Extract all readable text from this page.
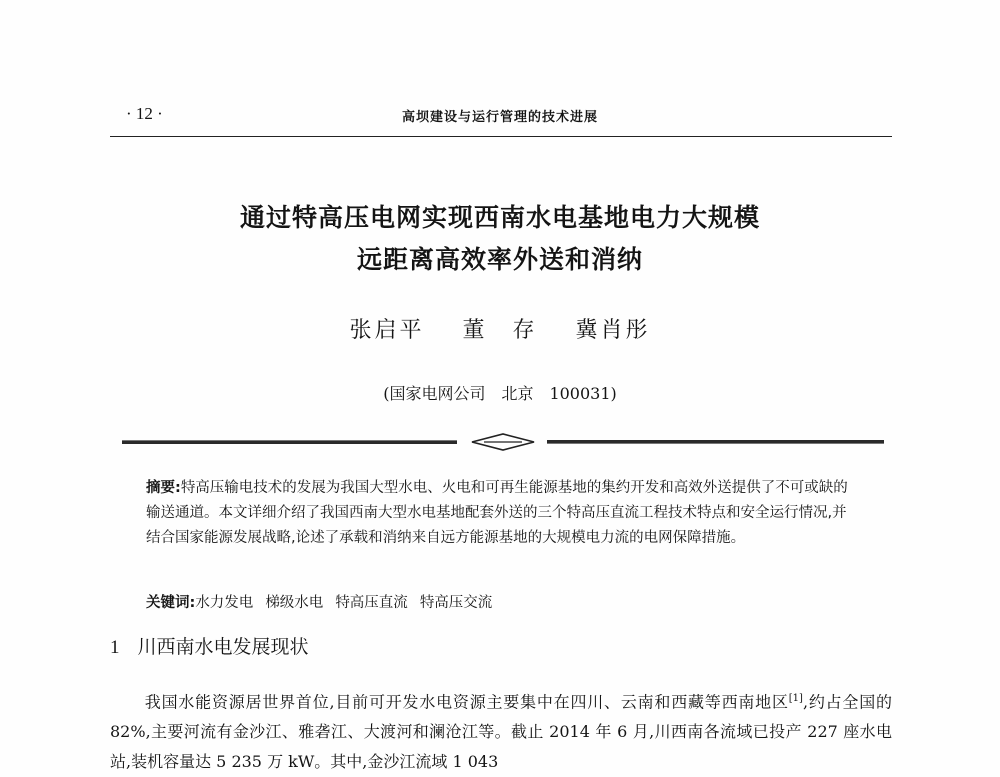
· 12 ·	高坝建设与运行管理的技术进展
通过特高压电网实现西南水电基地电力大规模
远距离高效率外送和消纳
张启平 董　存 冀肖彤
(国家电网公司　北京　100031)
摘要:特高压输电技术的发展为我国大型水电、火电和可再生能源基地的集约开发和高效外送提供了不可或缺的输送通道。本文详细介绍了我国西南大型水电基地配套外送的三个特高压直流工程技术特点和安全运行情况,并结合国家能源发展战略,论述了承载和消纳来自远方能源基地的大规模电力流的电网保障措施。
关键词:水力发电 梯级水电 特高压直流 特高压交流
1 川西南水电发展现状
我国水能资源居世界首位,目前可开发水电资源主要集中在四川、云南和西藏等西南地区[1],约占全国的82%,主要河流有金沙江、雅砻江、大渡河和澜沧江等。截止 2014 年 6 月,川西南各流域已投产 227 座水电站,装机容量达 5 235 万 kW。其中,金沙江流域 1 043
